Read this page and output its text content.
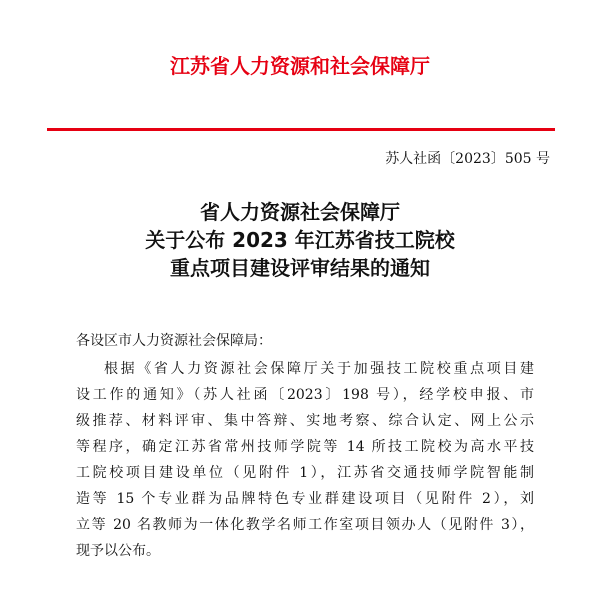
江苏省人力资源和社会保障厅
苏人社函〔2023〕505 号
省人力资源社会保障厅
关于公布 2023 年江苏省技工院校
重点项目建设评审结果的通知
各设区市人力资源社会保障局：
根据《省人力资源社会保障厅关于加强技工院校重点项目建
设工作的通知》（苏人社函〔2023〕198 号），经学校申报、市
级推荐、材料评审、集中答辩、实地考察、综合认定、网上公示
等程序，确定江苏省常州技师学院等 14 所技工院校为高水平技
工院校项目建设单位（见附件 1），江苏省交通技师学院智能制
造等 15 个专业群为品牌特色专业群建设项目（见附件 2），刘
立等 20 名教师为一体化教学名师工作室项目领办人（见附件 3），
现予以公布。
